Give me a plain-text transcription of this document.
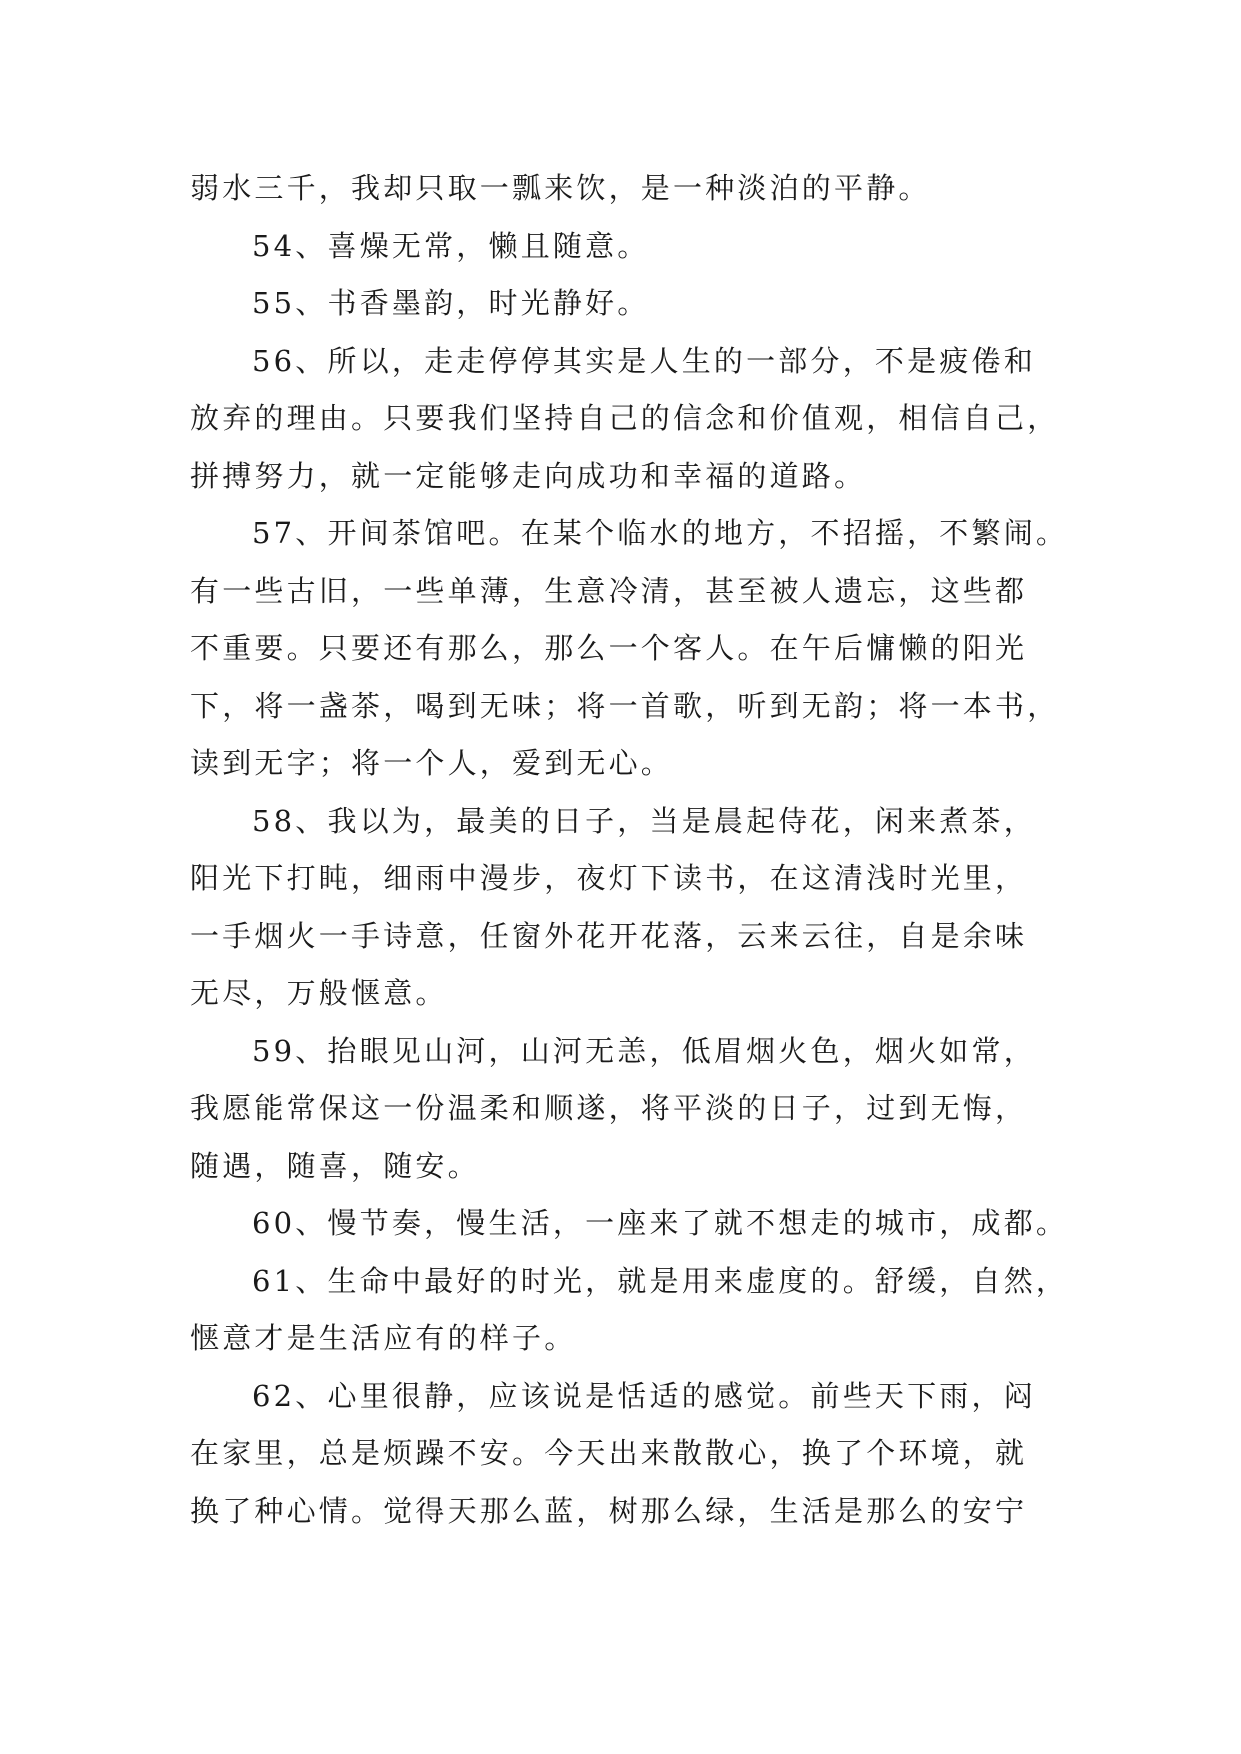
弱水三千，我却只取一瓢来饮，是一种淡泊的平静。

54、喜燥无常，懒且随意。

55、书香墨韵，时光静好。

56、所以，走走停停其实是人生的一部分，不是疲倦和
放弃的理由。只要我们坚持自己的信念和价值观，相信自己，
拼搏努力，就一定能够走向成功和幸福的道路。

57、开间茶馆吧。在某个临水的地方，不招摇，不繁闹。
有一些古旧，一些单薄，生意冷清，甚至被人遗忘，这些都
不重要。只要还有那么，那么一个客人。在午后慵懒的阳光
下，将一盏茶，喝到无味；将一首歌，听到无韵；将一本书，
读到无字；将一个人，爱到无心。

58、我以为，最美的日子，当是晨起侍花，闲来煮茶，
阳光下打盹，细雨中漫步，夜灯下读书，在这清浅时光里，
一手烟火一手诗意，任窗外花开花落，云来云往，自是余味
无尽，万般惬意。

59、抬眼见山河，山河无恙，低眉烟火色，烟火如常，
我愿能常保这一份温柔和顺遂，将平淡的日子，过到无悔，
随遇，随喜，随安。

60、慢节奏，慢生活，一座来了就不想走的城市，成都。

61、生命中最好的时光，就是用来虚度的。舒缓，自然，
惬意才是生活应有的样子。

62、心里很静，应该说是恬适的感觉。前些天下雨，闷
在家里，总是烦躁不安。今天出来散散心，换了个环境，就
换了种心情。觉得天那么蓝，树那么绿，生活是那么的安宁
